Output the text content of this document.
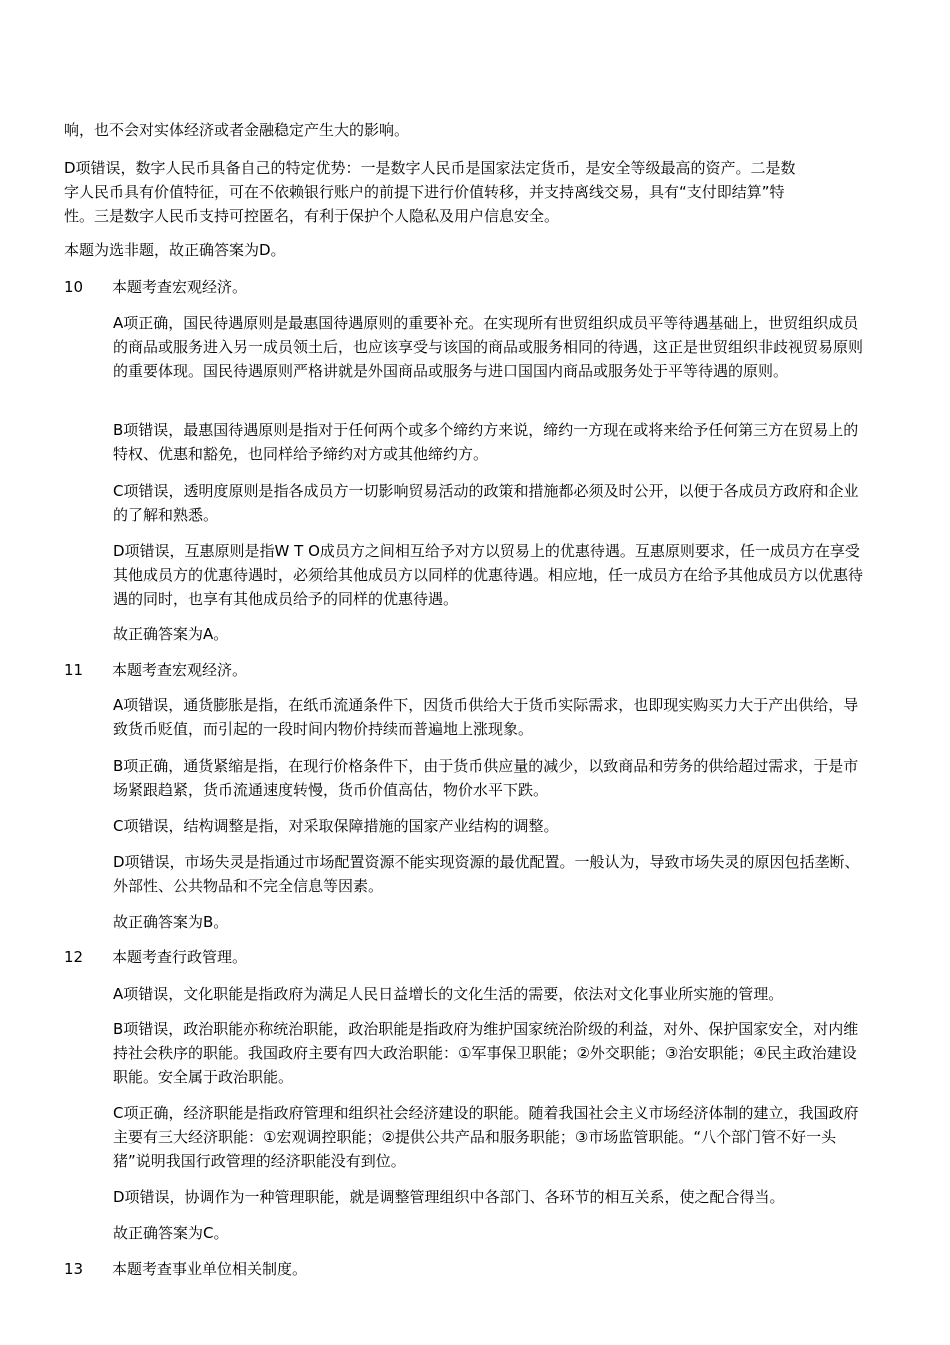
响，也不会对实体经济或者金融稳定产生大的影响。

D项错误，数字人民币具备自己的特定优势：一是数字人民币是国家法定货币，是安全等级最高的资产。二是数字人民币具有价值特征，可在不依赖银行账户的前提下进行价值转移，并支持离线交易，具有“支付即结算”特性。三是数字人民币支持可控匿名，有利于保护个人隐私及用户信息安全。

本题为选非题，故正确答案为D。

10 本题考查宏观经济。

A项正确，国民待遇原则是最惠国待遇原则的重要补充。在实现所有世贸组织成员平等待遇基础上，世贸组织成员的商品或服务进入另一成员领土后，也应该享受与该国的商品或服务相同的待遇，这正是世贸组织非歧视贸易原则的重要体现。国民待遇原则严格讲就是外国商品或服务与进口国国内商品或服务处于平等待遇的原则。

B项错误，最惠国待遇原则是指对于任何两个或多个缔约方来说，缔约一方现在或将来给予任何第三方在贸易上的特权、优惠和豁免，也同样给予缔约对方或其他缔约方。

C项错误，透明度原则是指各成员方一切影响贸易活动的政策和措施都必须及时公开，以便于各成员方政府和企业的了解和熟悉。

D项错误，互惠原则是指W T O成员方之间相互给予对方以贸易上的优惠待遇。互惠原则要求，任一成员方在享受其他成员方的优惠待遇时，必须给其他成员方以同样的优惠待遇。相应地，任一成员方在给予其他成员方以优惠待遇的同时，也享有其他成员给予的同样的优惠待遇。

故正确答案为A。

11 本题考查宏观经济。

A项错误，通货膨胀是指，在纸币流通条件下，因货币供给大于货币实际需求，也即现实购买力大于产出供给，导致货币贬值，而引起的一段时间内物价持续而普遍地上涨现象。

B项正确，通货紧缩是指，在现行价格条件下，由于货币供应量的减少，以致商品和劳务的供给超过需求，于是市场紧跟趋紧，货币流通速度转慢，货币价值高估，物价水平下跌。

C项错误，结构调整是指，对采取保障措施的国家产业结构的调整。

D项错误，市场失灵是指通过市场配置资源不能实现资源的最优配置。一般认为，导致市场失灵的原因包括垄断、外部性、公共物品和不完全信息等因素。

故正确答案为B。

12 本题考查行政管理。

A项错误，文化职能是指政府为满足人民日益增长的文化生活的需要，依法对文化事业所实施的管理。

B项错误，政治职能亦称统治职能，政治职能是指政府为维护国家统治阶级的利益，对外、保护国家安全，对内维持社会秩序的职能。我国政府主要有四大政治职能：①军事保卫职能；②外交职能；③治安职能；④民主政治建设职能。安全属于政治职能。

C项正确，经济职能是指政府管理和组织社会经济建设的职能。随着我国社会主义市场经济体制的建立，我国政府主要有三大经济职能：①宏观调控职能；②提供公共产品和服务职能；③市场监管职能。“八个部门管不好一头猪”说明我国行政管理的经济职能没有到位。

D项错误，协调作为一种管理职能，就是调整管理组织中各部门、各环节的相互关系，使之配合得当。

故正确答案为C。

13 本题考查事业单位相关制度。
